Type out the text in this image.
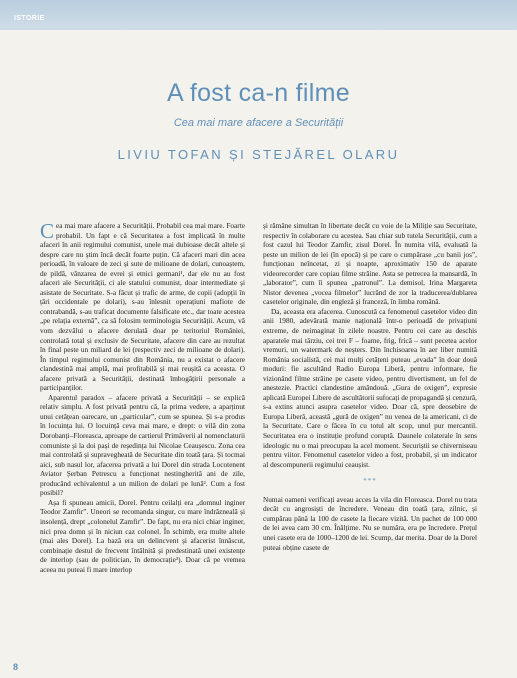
ISTORIE
A fost ca-n filme
Cea mai mare afacere a Securității
LIVIU TOFAN ȘI STEJĂREL OLARU

Cea mai mare afacere a Securității. Probabil cea mai mare. Foarte probabil. Un fapt e că Securitatea a fost implicată în multe afaceri în anii regimului comunist, unele mai dubioase decât altele și despre care nu știm încă decât foarte puțin. Că afaceri mari din acea perioadă, în valoare de zeci și sute de milioane de dolari, cunoaștem, de pildă, vânzarea de evrei și etnici germani¹, dar ele nu au fost afaceri ale Securității, ci ale statului comunist, doar intermediate și asistate de Securitate. S-a făcut și trafic de arme, de copii (adopții în țări occidentale pe dolari), s-au înlesnit operațiuni mafiote de contrabandă, s-au traficat documente falsificate etc., dar toate acestea „pe relația externă”, ca să folosim terminologia Securității. Acum, vă vom dezvălui o afacere derulată doar pe teritoriul României, controlată total și exclusiv de Securitate, afacere din care au rezultat în final peste un miliard de lei (respectiv zeci de milioane de dolari). În timpul regimului comunist din România, nu a existat o afacere clandestină mai amplă, mai profitabilă și mai reușită ca aceasta. O afacere privată a Securității, destinată îmbogățirii personale a participanților.

Aparentul paradox – afacere privată a Securității – se explică relativ simplu. A fost privată pentru că, la prima vedere, a aparținut unui cetățean oarecare, un „particular”, cum se spunea. Și s-a produs în locuința lui. O locuință ceva mai mare, e drept: o vilă din zona Dorobanți–Floreasca, aproape de cartierul Primăverii al nomenclaturii comuniste și la doi pași de reședința lui Nicolae Ceaușescu. Zona cea mai controlată și supravegheată de Securitate din toată țara. Și tocmai aici, sub nasul lor, afacerea privată a lui Dorel din strada Locotenent Aviator Șerban Petrescu a funcționat nestingherită ani de zile, producând echivalentul a un milion de dolari pe lună². Cum a fost posibil?

Așa fi spuneau amicii, Dorel. Pentru ceilalți era „domnul inginer Teodor Zamfir”. Uneori se recomanda singur, cu mare îndrăzneală și insolență, drept „colonelul Zamfir”. De fapt, nu era nici chiar inginer, nici prea domn și în niciun caz colonel. În schimb, era multe altele (mai ales Dorel). La bază era un delincvent și afacerist înnăscut, combinație destul de frecvent întâlnită și predestinată unei existențe de interlop (sau de politician, în democrație³). Doar că pe vremea aceea nu puteai fi mare interlop

și rămâne simultan în libertate decât cu voie de la Miliție sau Securitate, respectiv în colaborare cu acestea. Sau chiar sub tutela Securității, cum a fost cazul lui Teodor Zamfir, zisul Dorel. În numita vilă, evaluată la peste un milion de lei (în epocă) și pe care o cumpărase „cu banii jos”, funcționau neîncetat, zi și noapte, aproximativ 150 de aparate videorecorder care copiau filme străine. Asta se petrecea la mansardă, în „laborator”, cum îi spunea „patronul”. La demisol, Irina Margareta Nistor devenea „vocea filmelor” lucrând de zor la traducerea/dublarea casetelor originale, din engleză și franceză, în limba română.

Da, aceasta era afacerea. Cunoscută ca fenomenul casetelor video din anii 1980, adevărată manie națională într-o perioadă de privațiuni extreme, de neimaginat în zilele noastre. Pentru cei care au deschis aparatele mai târziu, cei trei F – foame, frig, frică – sunt pecetea acelor vremuri, un watermark de neșters. Din închisoarea în aer liber numită România socialistă, cei mai mulți cetățeni puteau „evada” în doar două moduri: fie ascultând Radio Europa Liberă, pentru informare, fie vizionând filme străine pe casete video, pentru divertisment, un fel de anestezie. Practici clandestine amândouă. „Gura de oxigen”, expresie aplicată Europei Libere de ascultătorii sufocați de propagandă și cenzură, s-a extins atunci asupra casetelor video. Doar că, spre deosebire de Europa Liberă, această „gură de oxigen” nu venea de la americani, ci de la Securitate. Care o făcea în cu totul alt scop, unul pur mercantil. Securitatea era o instituție profund coruptă. Daunele colaterale în sens ideologic nu o mai preocupau la acel moment. Securiștii se chiverniseau pentru viitor. Fenomenul casetelor video a fost, probabil, și un indicator al descompunerii regimului ceaușist.

***

Numai oameni verificați aveau acces la vila din Floreasca. Dorel nu trata decât cu angrosiști de încredere. Veneau din toată țara, zilnic, și cumpărau până la 100 de casete la fiecare vizită. Un pachet de 100 000 de lei avea cam 30 cm. Înălțime. Nu se număra, era pe încredere. Prețul unei casete era de 1000–1200 de lei. Scump, dar merita. Doar de la Dorel puteai obține casete de

8
